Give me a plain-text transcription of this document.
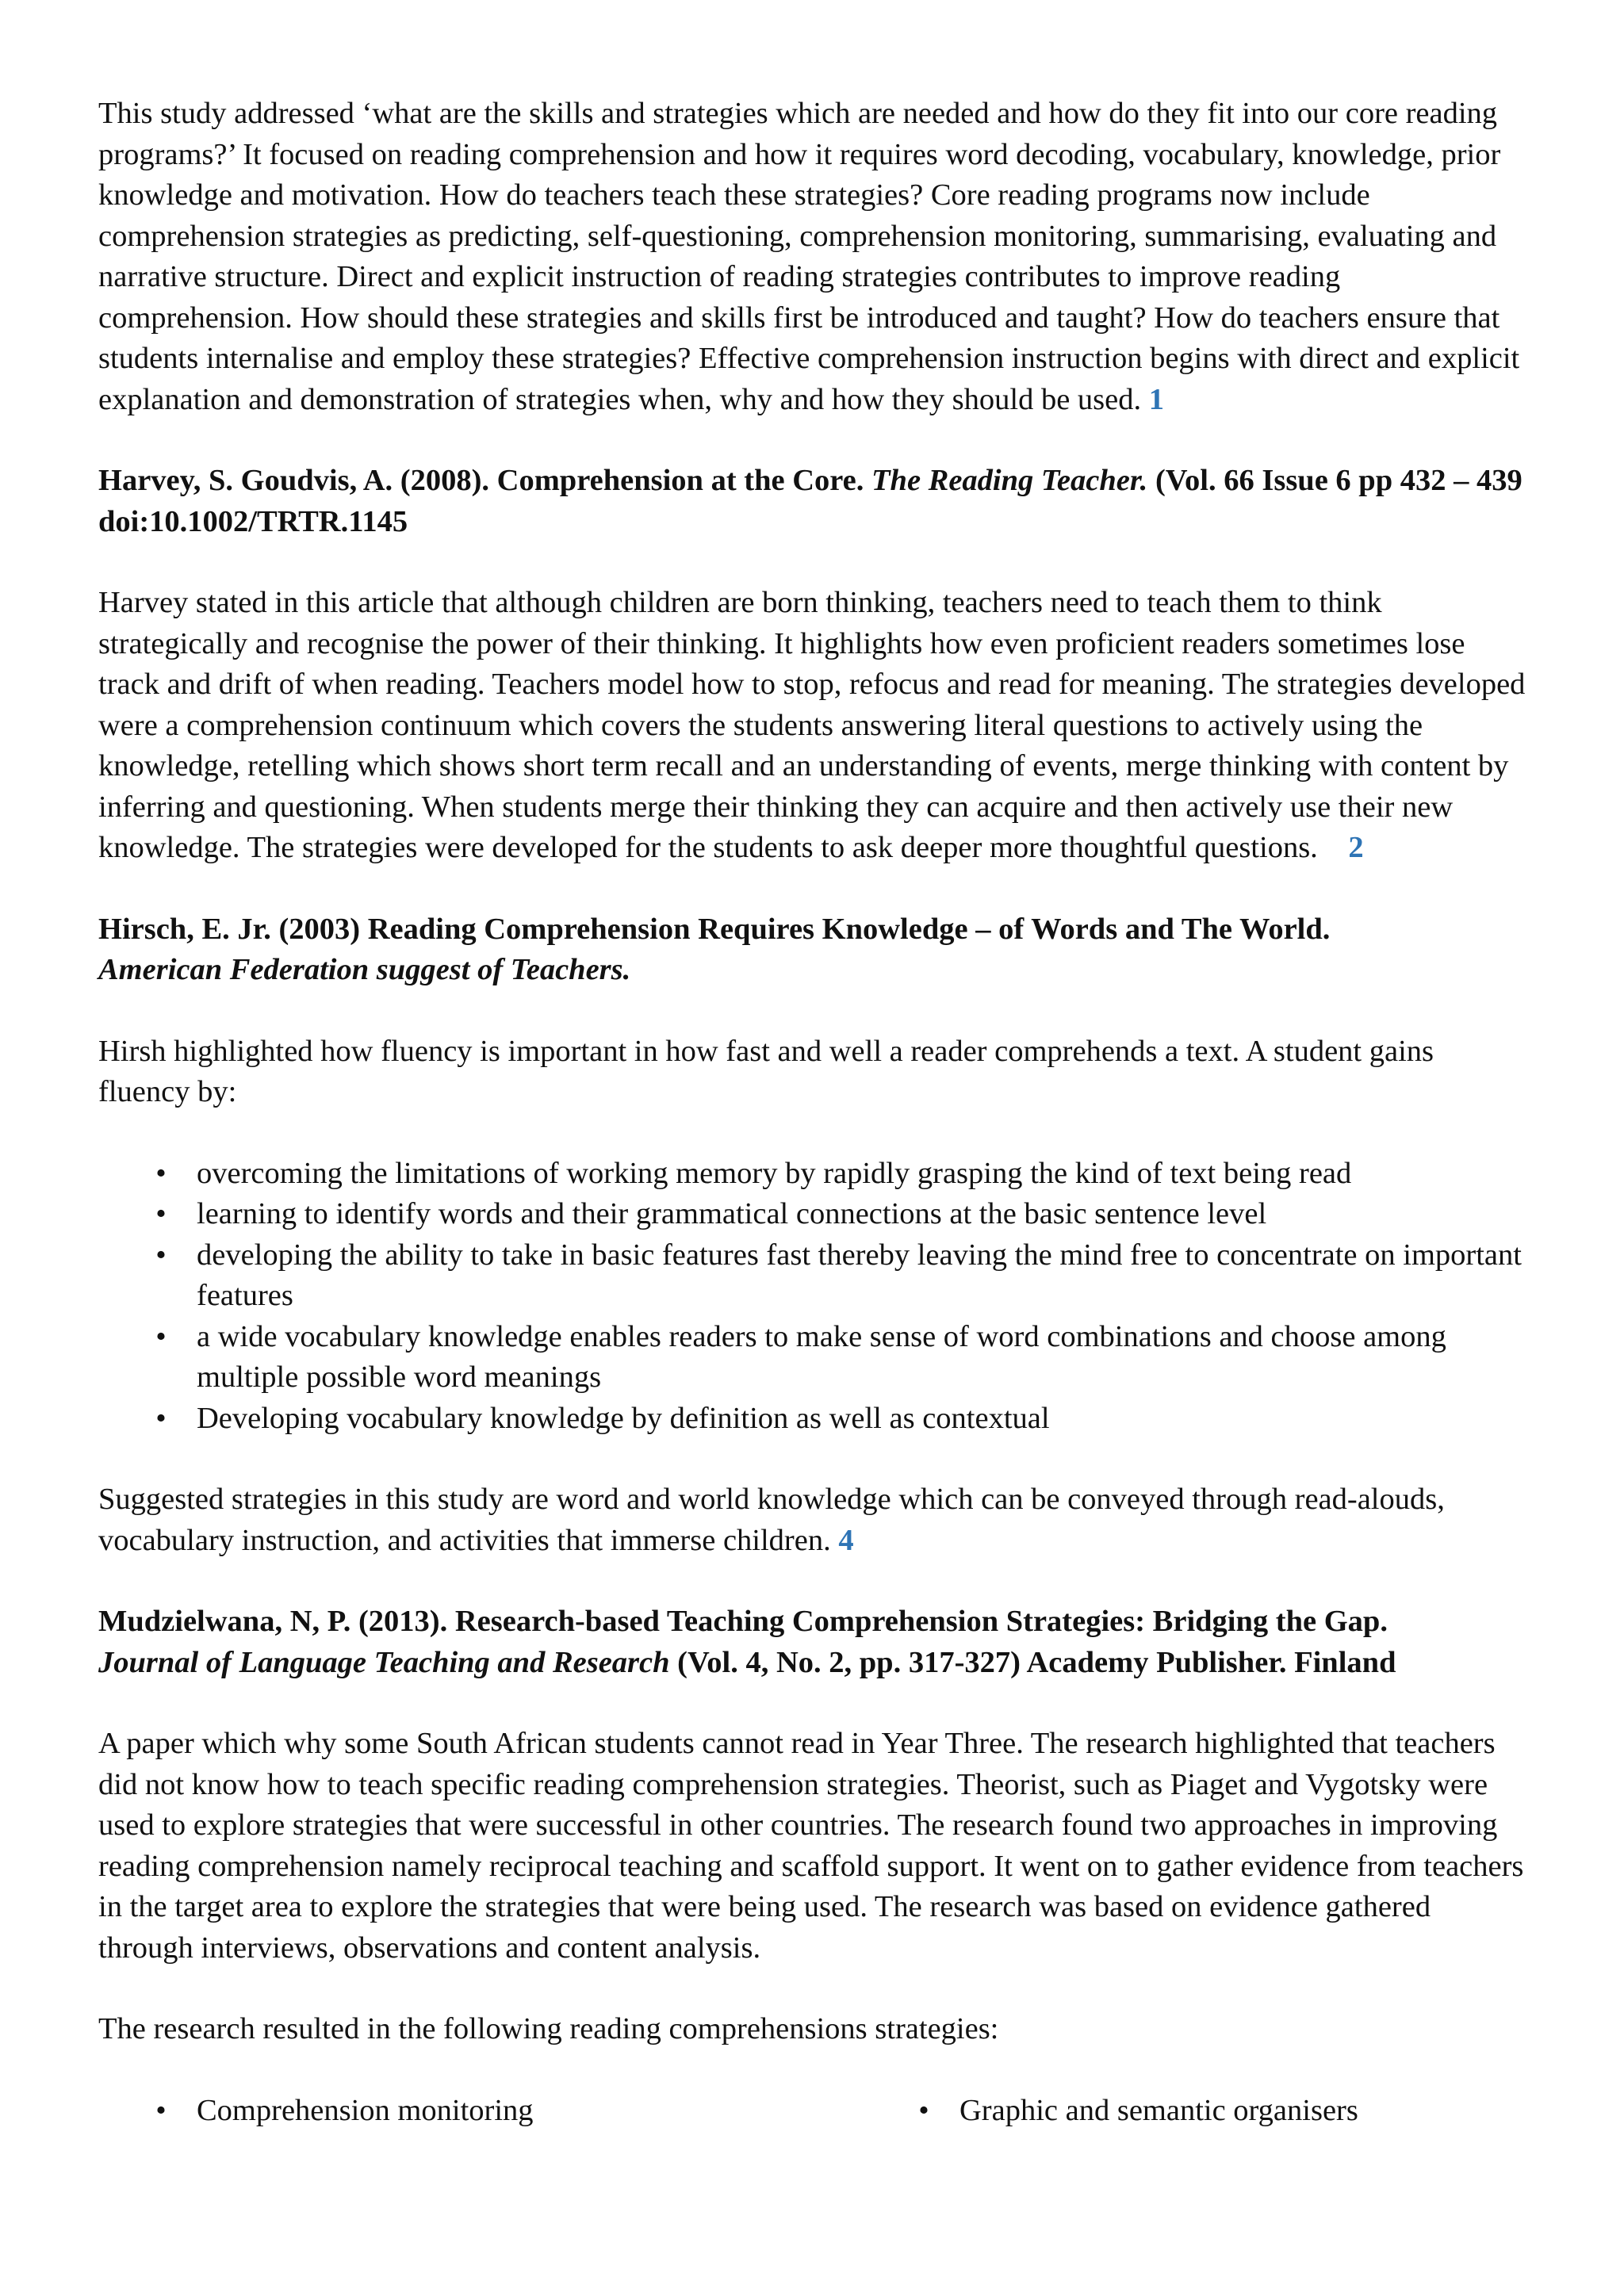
This study addressed ‘what are the skills and strategies which are needed and how do they fit into our core reading programs?’ It focused on reading comprehension and how it requires word decoding, vocabulary, knowledge, prior knowledge and motivation. How do teachers teach these strategies? Core reading programs now include comprehension strategies as predicting, self-questioning, comprehension monitoring, summarising, evaluating and narrative structure. Direct and explicit instruction of reading strategies contributes to improve reading comprehension. How should these strategies and skills first be introduced and taught? How do teachers ensure that students internalise and employ these strategies? Effective comprehension instruction begins with direct and explicit explanation and demonstration of strategies when, why and how they should be used. 1

Harvey, S. Goudvis, A. (2008). Comprehension at the Core. The Reading Teacher. (Vol. 66 Issue 6 pp 432 – 439 doi:10.1002/TRTR.1145

Harvey stated in this article that although children are born thinking, teachers need to teach them to think strategically and recognise the power of their thinking. It highlights how even proficient readers sometimes lose track and drift of when reading. Teachers model how to stop, refocus and read for meaning. The strategies developed were a comprehension continuum which covers the students answering literal questions to actively using the knowledge, retelling which shows short term recall and an understanding of events, merge thinking with content by inferring and questioning. When students merge their thinking they can acquire and then actively use their new knowledge. The strategies were developed for the students to ask deeper more thoughtful questions. 2

Hirsch, E. Jr. (2003) Reading Comprehension Requires Knowledge – of Words and The World.
American Federation suggest of Teachers.

Hirsh highlighted how fluency is important in how fast and well a reader comprehends a text. A student gains fluency by:

• overcoming the limitations of working memory by rapidly grasping the kind of text being read
• learning to identify words and their grammatical connections at the basic sentence level
• developing the ability to take in basic features fast thereby leaving the mind free to concentrate on important features
• a wide vocabulary knowledge enables readers to make sense of word combinations and choose among multiple possible word meanings
• Developing vocabulary knowledge by definition as well as contextual

Suggested strategies in this study are word and world knowledge which can be conveyed through read-alouds, vocabulary instruction, and activities that immerse children. 4

Mudzielwana, N, P. (2013). Research-based Teaching Comprehension Strategies: Bridging the Gap.
Journal of Language Teaching and Research (Vol. 4, No. 2, pp. 317-327) Academy Publisher. Finland

A paper which why some South African students cannot read in Year Three. The research highlighted that teachers did not know how to teach specific reading comprehension strategies. Theorist, such as Piaget and Vygotsky were used to explore strategies that were successful in other countries. The research found two approaches in improving reading comprehension namely reciprocal teaching and scaffold support. It went on to gather evidence from teachers in the target area to explore the strategies that were being used. The research was based on evidence gathered through interviews, observations and content analysis.

The research resulted in the following reading comprehensions strategies:

• Comprehension monitoring	• Graphic and semantic organisers
